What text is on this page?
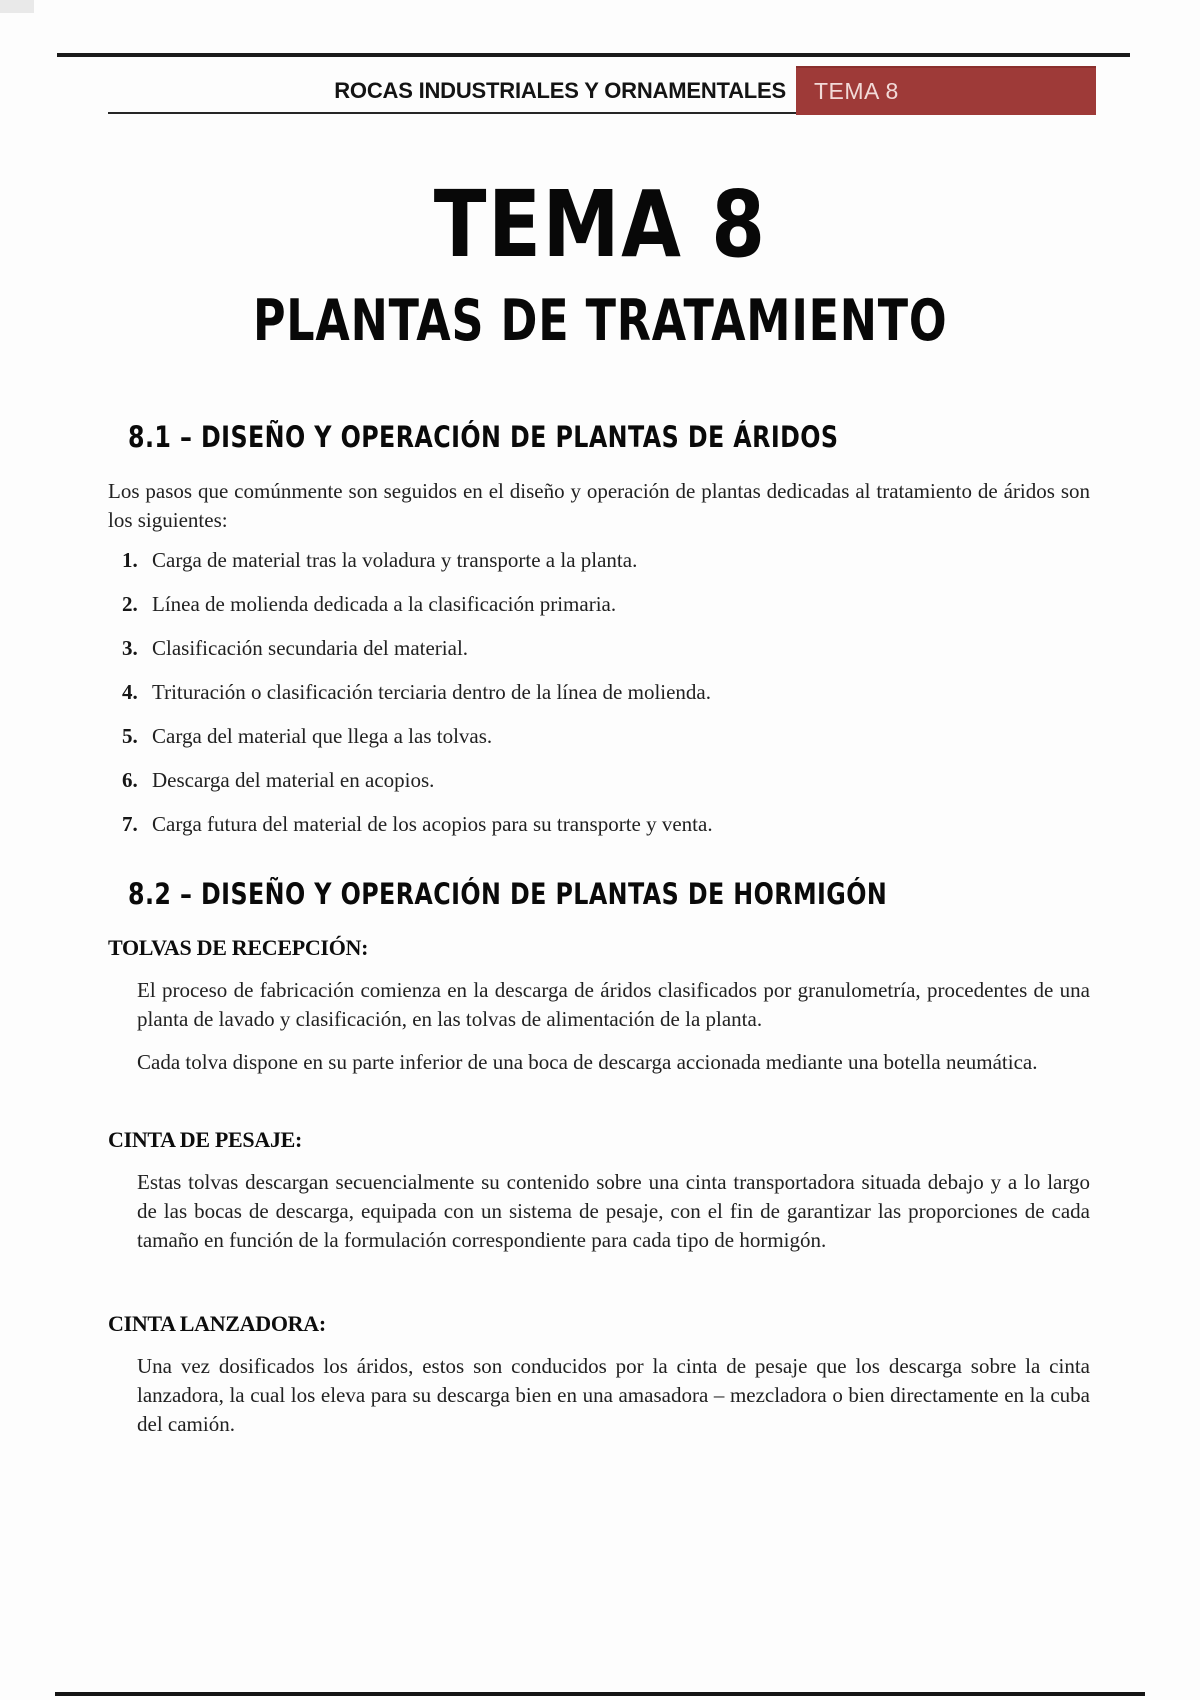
ROCAS INDUSTRIALES Y ORNAMENTALES	TEMA 8
TEMA 8
PLANTAS DE TRATAMIENTO
8.1 – DISEÑO Y OPERACIÓN DE PLANTAS DE ÁRIDOS

Los pasos que comúnmente son seguidos en el diseño y operación de plantas dedicadas al tratamiento de áridos son los siguientes:

1. Carga de material tras la voladura y transporte a la planta.
2. Línea de molienda dedicada a la clasificación primaria.
3. Clasificación secundaria del material.
4. Trituración o clasificación terciaria dentro de la línea de molienda.
5. Carga del material que llega a las tolvas.
6. Descarga del material en acopios.
7. Carga futura del material de los acopios para su transporte y venta.
8.2 – DISEÑO Y OPERACIÓN DE PLANTAS DE HORMIGÓN
TOLVAS DE RECEPCIÓN:

El proceso de fabricación comienza en la descarga de áridos clasificados por granulometría, procedentes de una planta de lavado y clasificación, en las tolvas de alimentación de la planta.

Cada tolva dispone en su parte inferior de una boca de descarga accionada mediante una botella neumática.

CINTA DE PESAJE:

Estas tolvas descargan secuencialmente su contenido sobre una cinta transportadora situada debajo y a lo largo de las bocas de descarga, equipada con un sistema de pesaje, con el fin de garantizar las proporciones de cada tamaño en función de la formulación correspondiente para cada tipo de hormigón.

CINTA LANZADORA:

Una vez dosificados los áridos, estos son conducidos por la cinta de pesaje que los descarga sobre la cinta lanzadora, la cual los eleva para su descarga bien en una amasadora – mezcladora o bien directamente en la cuba del camión.
